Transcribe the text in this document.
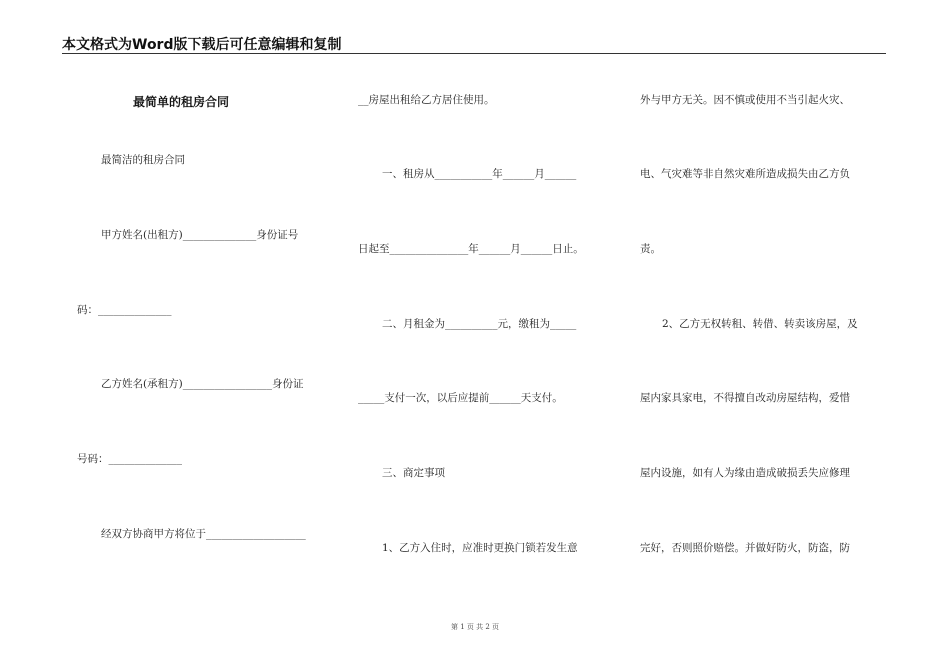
本文格式为Word版下载后可任意编辑和复制
最简单的租房合同
最简洁的租房合同
甲方姓名(出租方)______________身份证号
码：______________
乙方姓名(承租方)_________________身份证
号码：______________
经双方协商甲方将位于___________________
__房屋出租给乙方居住使用。
一、租房从___________年______月______
日起至_______________年______月______日止。
二、月租金为__________元，缴租为_____
_____支付一次，以后应提前______天支付。
三、商定事项
1、乙方入住时，应准时更换门锁若发生意
外与甲方无关。因不慎或使用不当引起火灾、
电、气灾难等非自然灾难所造成损失由乙方负
责。
2、乙方无权转租、转借、转卖该房屋，及
屋内家具家电，不得擅自改动房屋结构，爱惜
屋内设施，如有人为缘由造成破损丢失应修理
完好，否则照价赔偿。并做好防火，防盗，防
第 1 页 共 2 页
